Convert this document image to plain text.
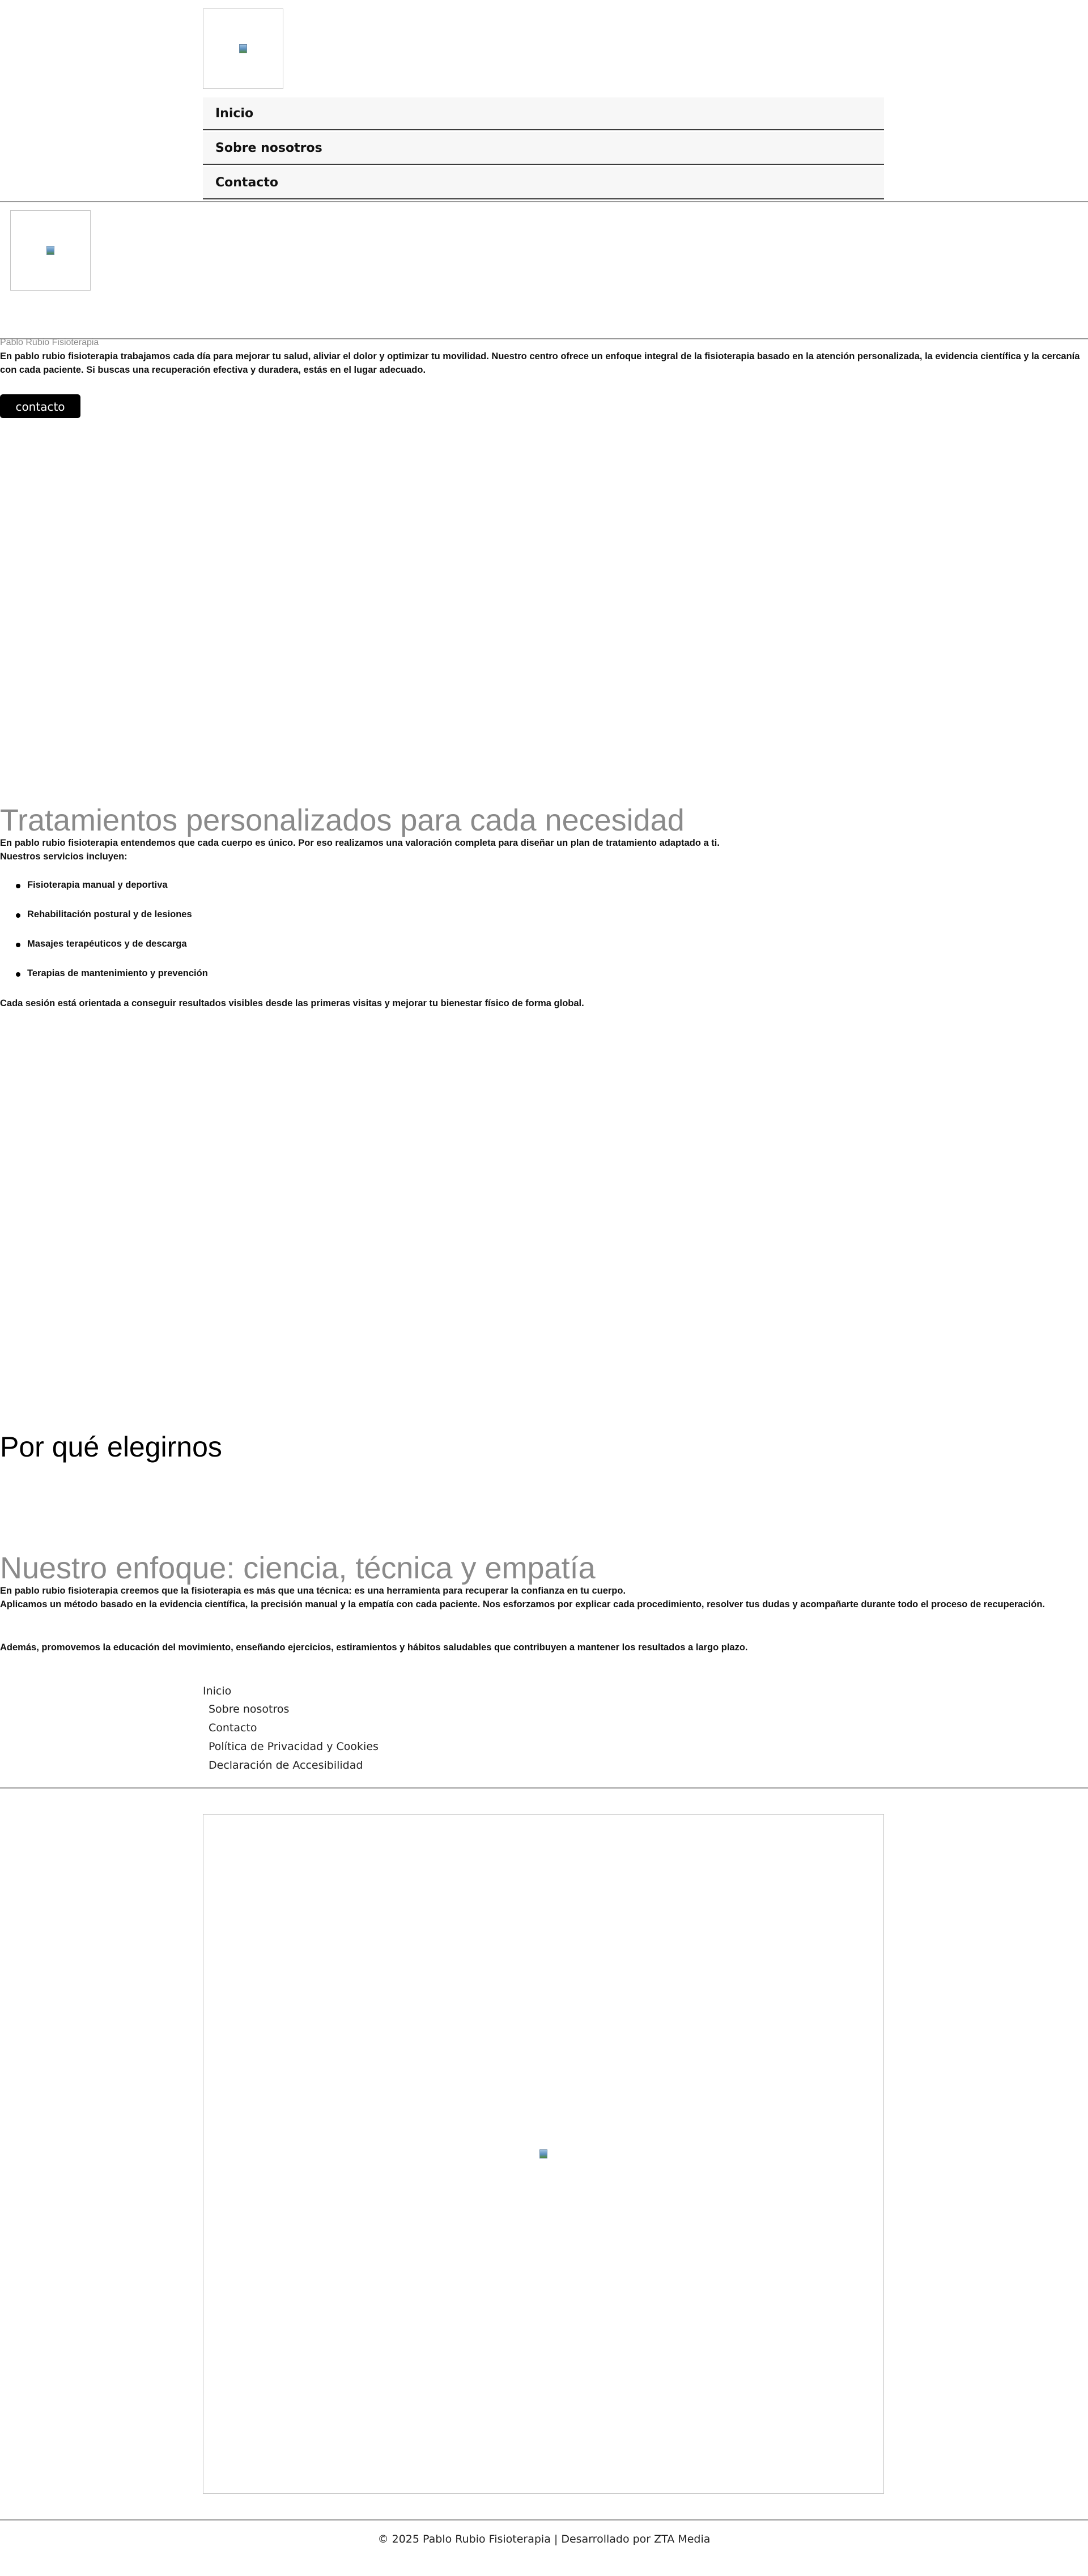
Inicio
Sobre nosotros
Contacto
Pablo Rubio Fisioterapia
En pablo rubio fisioterapia trabajamos cada día para mejorar tu salud, aliviar el dolor y optimizar tu movilidad. Nuestro centro ofrece un enfoque integral de la fisioterapia basado en la atención personalizada, la evidencia científica y la cercanía con cada paciente. Si buscas una recuperación efectiva y duradera, estás en el lugar adecuado.
contacto
Tratamientos personalizados para cada necesidad
En pablo rubio fisioterapia entendemos que cada cuerpo es único. Por eso realizamos una valoración completa para diseñar un plan de tratamiento adaptado a ti.
Nuestros servicios incluyen:
Fisioterapia manual y deportiva
Rehabilitación postural y de lesiones
Masajes terapéuticos y de descarga
Terapias de mantenimiento y prevención
Cada sesión está orientada a conseguir resultados visibles desde las primeras visitas y mejorar tu bienestar físico de forma global.
Por qué elegirnos
Nuestro enfoque: ciencia, técnica y empatía
En pablo rubio fisioterapia creemos que la fisioterapia es más que una técnica: es una herramienta para recuperar la confianza en tu cuerpo.
Aplicamos un método basado en la evidencia científica, la precisión manual y la empatía con cada paciente. Nos esforzamos por explicar cada procedimiento, resolver tus dudas y acompañarte durante todo el proceso de recuperación.
Además, promovemos la educación del movimiento, enseñando ejercicios, estiramientos y hábitos saludables que contribuyen a mantener los resultados a largo plazo.
Inicio
Sobre nosotros
Contacto
Política de Privacidad y Cookies
Declaración de Accesibilidad
© 2025 Pablo Rubio Fisioterapia | Desarrollado por ZTA Media
